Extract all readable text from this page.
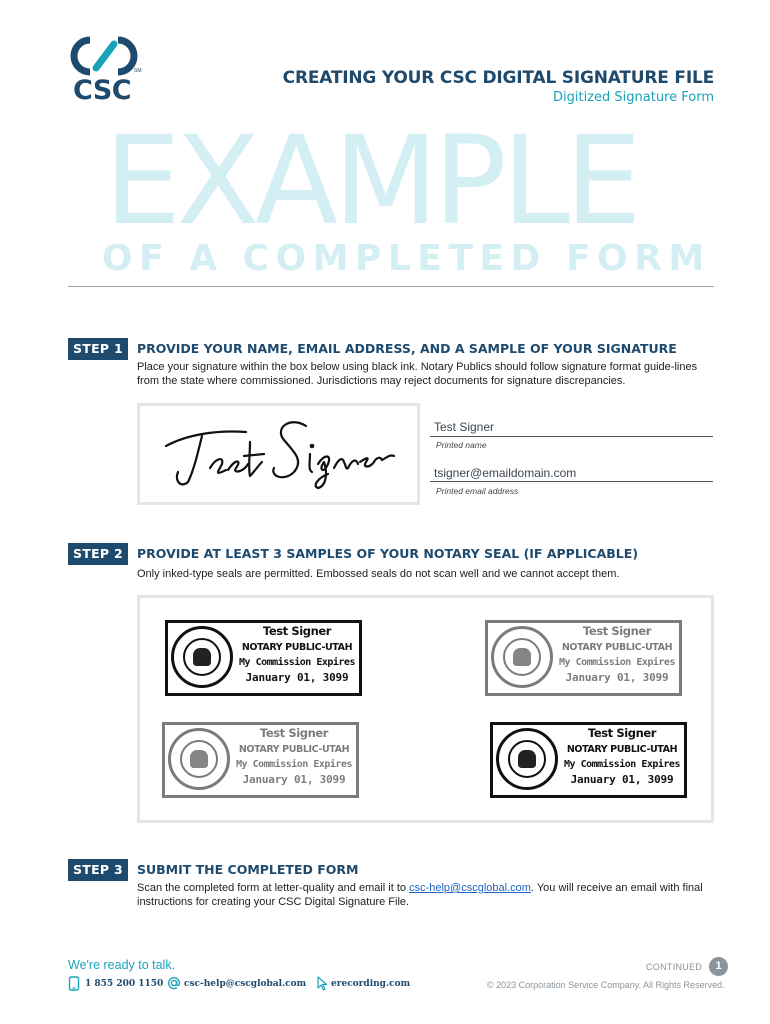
CSC
SM	CREATING YOUR CSC DIGITAL SIGNATURE FILE
Digitized Signature Form
EXAMPLE
OF A COMPLETED FORM
STEP 1	PROVIDE YOUR NAME, EMAIL ADDRESS, AND A SAMPLE OF YOUR SIGNATURE
Place your signature within the box below using black ink. Notary Publics should follow signature format guide-lines from the state where commissioned. Jurisdictions may reject documents for signature discrepancies.
Test Signer
Printed name
tsigner@emaildomain.com
Printed email address
STEP 2	PROVIDE AT LEAST 3 SAMPLES OF YOUR NOTARY SEAL (IF APPLICABLE)
Only inked-type seals are permitted. Embossed seals do not scan well and we cannot accept them.
Test Signer
NOTARY PUBLIC-UTAH
My Commission Expires
January 01, 3099
Test Signer
NOTARY PUBLIC-UTAH
My Commission Expires
January 01, 3099
Test Signer
NOTARY PUBLIC-UTAH
My Commission Expires
January 01, 3099
Test Signer
NOTARY PUBLIC-UTAH
My Commission Expires
January 01, 3099
STEP 3	SUBMIT THE COMPLETED FORM
Scan the completed form at letter-quality and email it to csc-help@cscglobal.com. You will receive an email with final instructions for creating your CSC Digital Signature File.
We're ready to talk.
1 855 200 1150 csc-help@cscglobal.com	erecording.com
CONTINUED	1
© 2023 Corporation Service Company. All Rights Reserved.
